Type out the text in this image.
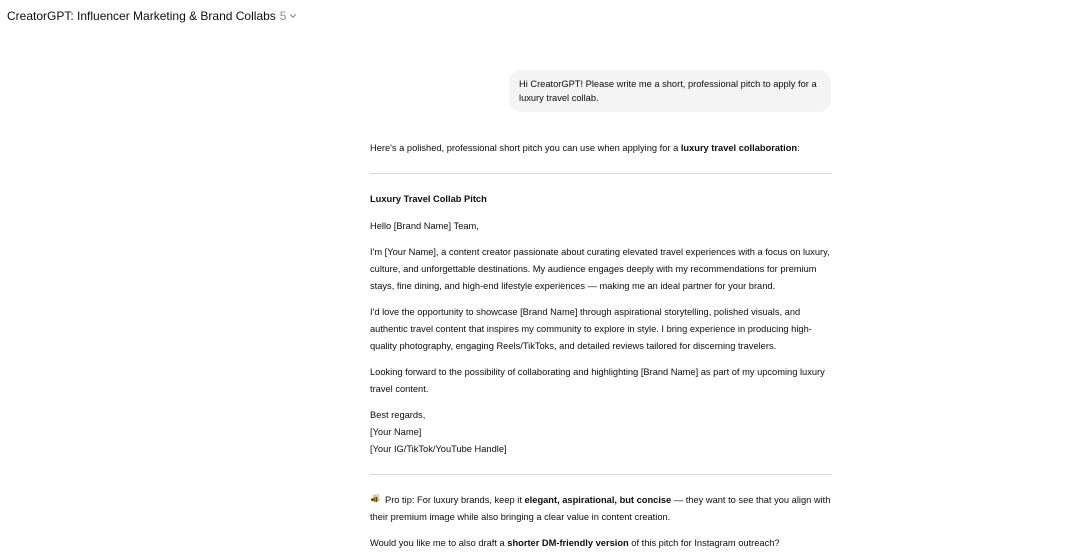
CreatorGPT: Influencer Marketing & Brand Collabs 5
Hi CreatorGPT! Please write me a short, professional pitch to apply for a luxury travel collab.

Here's a polished, professional short pitch you can use when applying for a luxury travel collaboration:

Luxury Travel Collab Pitch

Hello [Brand Name] Team,

I'm [Your Name], a content creator passionate about curating elevated travel experiences with a focus on luxury, culture, and unforgettable destinations. My audience engages deeply with my recommendations for premium stays, fine dining, and high-end lifestyle experiences — making me an ideal partner for your brand.

I'd love the opportunity to showcase [Brand Name] through aspirational storytelling, polished visuals, and authentic travel content that inspires my community to explore in style. I bring experience in producing high-quality photography, engaging Reels/TikToks, and detailed reviews tailored for discerning travelers.

Looking forward to the possibility of collaborating and highlighting [Brand Name] as part of my upcoming luxury travel content.

Best regards,

[Your Name]

[Your IG/TikTok/YouTube Handle]

Pro tip: For luxury brands, keep it elegant, aspirational, but concise — they want to see that you align with their premium image while also bringing a clear value in content creation.

Would you like me to also draft a shorter DM-friendly version of this pitch for Instagram outreach?
